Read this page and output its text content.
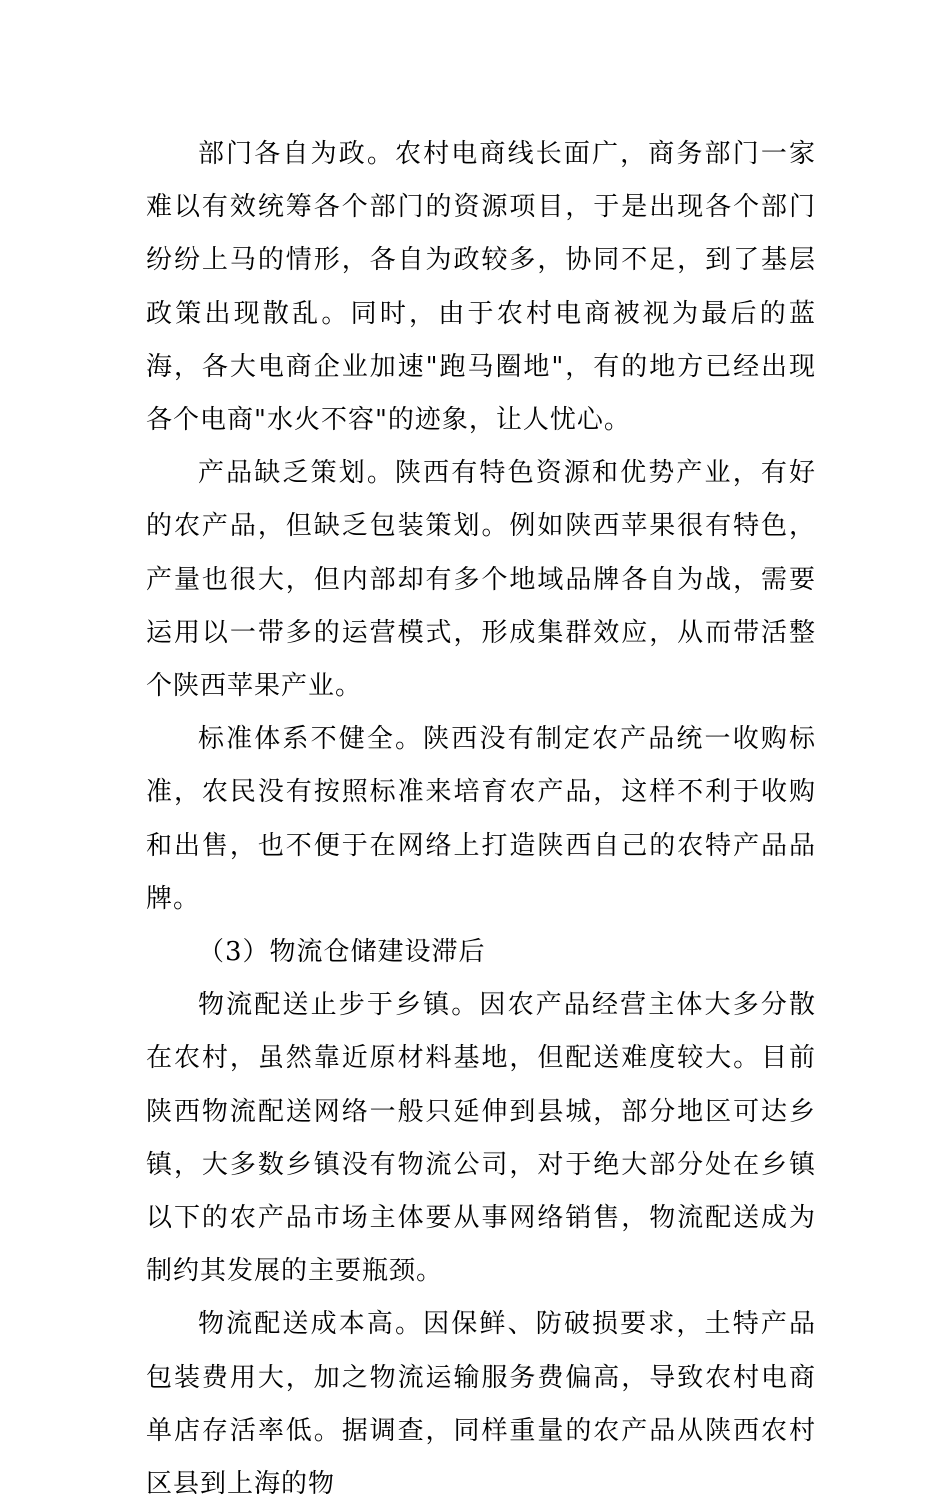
部门各自为政。农村电商线长面广，商务部门一家难以有效统筹各个部门的资源项目，于是出现各个部门纷纷上马的情形，各自为政较多，协同不足，到了基层政策出现散乱。同时，由于农村电商被视为最后的蓝海，各大电商企业加速"跑马圈地"，有的地方已经出现各个电商"水火不容"的迹象，让人忧心。

产品缺乏策划。陕西有特色资源和优势产业，有好的农产品，但缺乏包装策划。例如陕西苹果很有特色，产量也很大，但内部却有多个地域品牌各自为战，需要运用以一带多的运营模式，形成集群效应，从而带活整个陕西苹果产业。

标准体系不健全。陕西没有制定农产品统一收购标准，农民没有按照标准来培育农产品，这样不利于收购和出售，也不便于在网络上打造陕西自己的农特产品品牌。

（3）物流仓储建设滞后

物流配送止步于乡镇。因农产品经营主体大多分散在农村，虽然靠近原材料基地，但配送难度较大。目前陕西物流配送网络一般只延伸到县城，部分地区可达乡镇，大多数乡镇没有物流公司，对于绝大部分处在乡镇以下的农产品市场主体要从事网络销售，物流配送成为制约其发展的主要瓶颈。

物流配送成本高。因保鲜、防破损要求，土特产品包装费用大，加之物流运输服务费偏高，导致农村电商单店存活率低。据调查，同样重量的农产品从陕西农村区县到上海的物
